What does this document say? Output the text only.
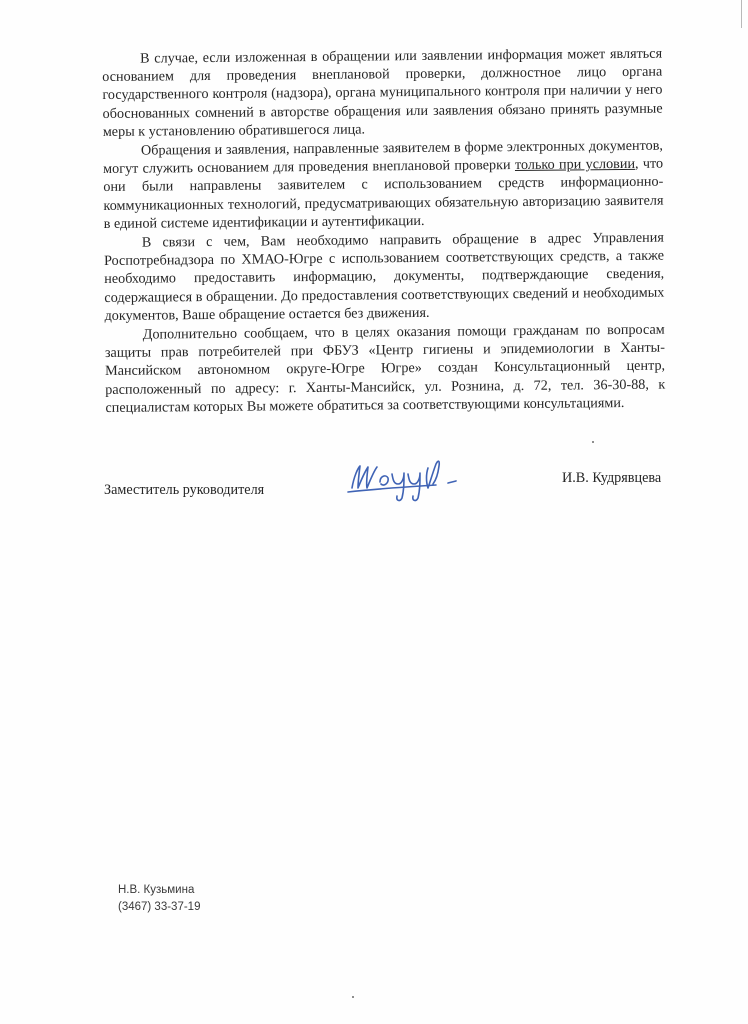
В случае, если изложенная в обращении или заявлении информация может являться основанием для проведения внеплановой проверки, должностное лицо органа государственного контроля (надзора), органа муниципального контроля при наличии у него обоснованных сомнений в авторстве обращения или заявления обязано принять разумные меры к установлению обратившегося лица.

Обращения и заявления, направленные заявителем в форме электронных документов, могут служить основанием для проведения внеплановой проверки только при условии, что они были направлены заявителем с использованием средств информационно-коммуникационных технологий, предусматривающих обязательную авторизацию заявителя в единой системе идентификации и аутентификации.

В связи с чем, Вам необходимо направить обращение в адрес Управления Роспотребнадзора по ХМАО-Югре с использованием соответствующих средств, а также необходимо предоставить информацию, документы, подтверждающие сведения, содержащиеся в обращении. До предоставления соответствующих сведений и необходимых документов, Ваше обращение остается без движения.

Дополнительно сообщаем, что в целях оказания помощи гражданам по вопросам защиты прав потребителей при ФБУЗ «Центр гигиены и эпидемиологии в Ханты-Мансийском автономном округе-Югре Югре» создан Консультационный центр, расположенный по адресу: г. Ханты-Мансийск, ул. Рознина, д. 72, тел. 36-30-88, к специалистам которых Вы можете обратиться за соответствующими консультациями.

Заместитель руководителя
И.В. Кудрявцева
Н.В. Кузьмина
(3467) 33-37-19
